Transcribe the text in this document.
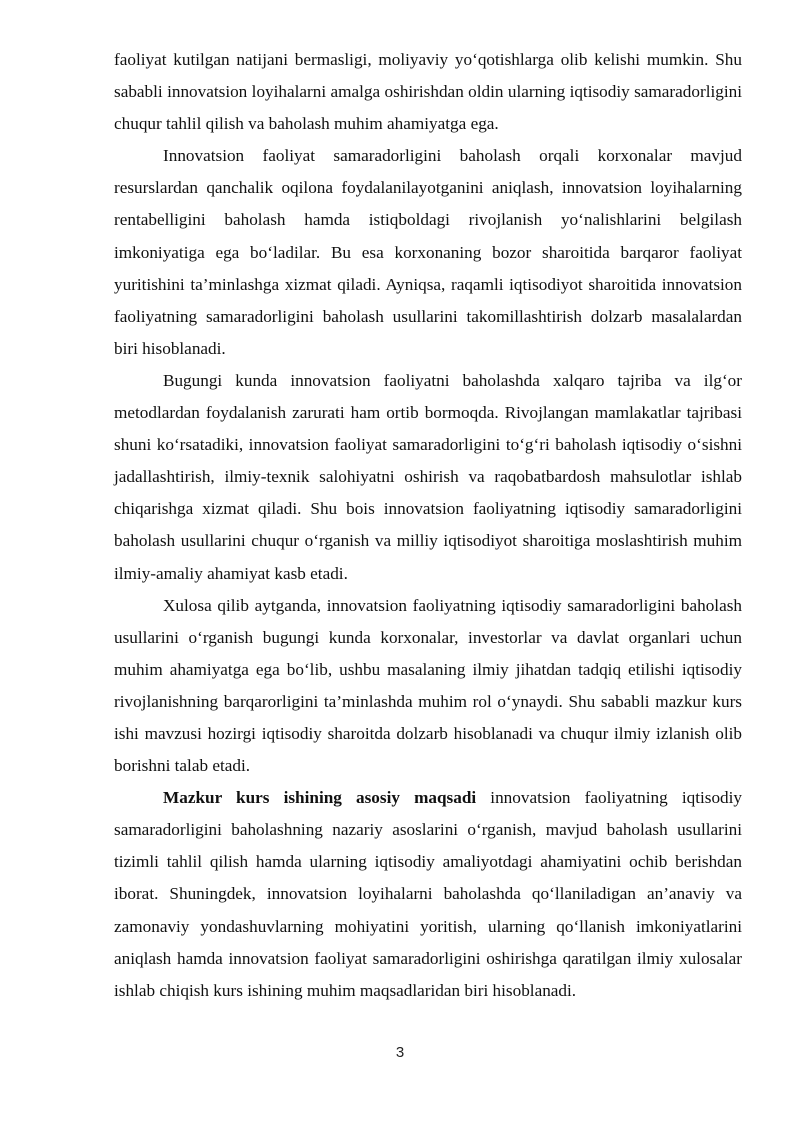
faoliyat kutilgan natijani bermasligi, moliyaviy yo‘qotishlarga olib kelishi mumkin. Shu sababli innovatsion loyihalarni amalga oshirishdan oldin ularning iqtisodiy samaradorligini chuqur tahlil qilish va baholash muhim ahamiyatga ega.

Innovatsion faoliyat samaradorligini baholash orqali korxonalar mavjud resurslardan qanchalik oqilona foydalanilayotganini aniqlash, innovatsion loyihalarning rentabelligini baholash hamda istiqboldagi rivojlanish yo‘nalishlarini belgilash imkoniyatiga ega bo‘ladilar. Bu esa korxonaning bozor sharoitida barqaror faoliyat yuritishini ta’minlashga xizmat qiladi. Ayniqsa, raqamli iqtisodiyot sharoitida innovatsion faoliyatning samaradorligini baholash usullarini takomillashtirish dolzarb masalalardan biri hisoblanadi.

Bugungi kunda innovatsion faoliyatni baholashda xalqaro tajriba va ilg‘or metodlardan foydalanish zarurati ham ortib bormoqda. Rivojlangan mamlakatlar tajribasi shuni ko‘rsatadiki, innovatsion faoliyat samaradorligini to‘g‘ri baholash iqtisodiy o‘sishni jadallashtirish, ilmiy-texnik salohiyatni oshirish va raqobatbardosh mahsulotlar ishlab chiqarishga xizmat qiladi. Shu bois innovatsion faoliyatning iqtisodiy samaradorligini baholash usullarini chuqur o‘rganish va milliy iqtisodiyot sharoitiga moslashtirish muhim ilmiy-amaliy ahamiyat kasb etadi.

Xulosa qilib aytganda, innovatsion faoliyatning iqtisodiy samaradorligini baholash usullarini o‘rganish bugungi kunda korxonalar, investorlar va davlat organlari uchun muhim ahamiyatga ega bo‘lib, ushbu masalaning ilmiy jihatdan tadqiq etilishi iqtisodiy rivojlanishning barqarorligini ta’minlashda muhim rol o‘ynaydi. Shu sababli mazkur kurs ishi mavzusi hozirgi iqtisodiy sharoitda dolzarb hisoblanadi va chuqur ilmiy izlanish olib borishni talab etadi.

Mazkur kurs ishining asosiy maqsadi innovatsion faoliyatning iqtisodiy samaradorligini baholashning nazariy asoslarini o‘rganish, mavjud baholash usullarini tizimli tahlil qilish hamda ularning iqtisodiy amaliyotdagi ahamiyatini ochib berishdan iborat. Shuningdek, innovatsion loyihalarni baholashda qo‘llaniladigan an’anaviy va zamonaviy yondashuvlarning mohiyatini yoritish, ularning qo‘llanish imkoniyatlarini aniqlash hamda innovatsion faoliyat samaradorligini oshirishga qaratilgan ilmiy xulosalar ishlab chiqish kurs ishining muhim maqsadlaridan biri hisoblanadi.

3
